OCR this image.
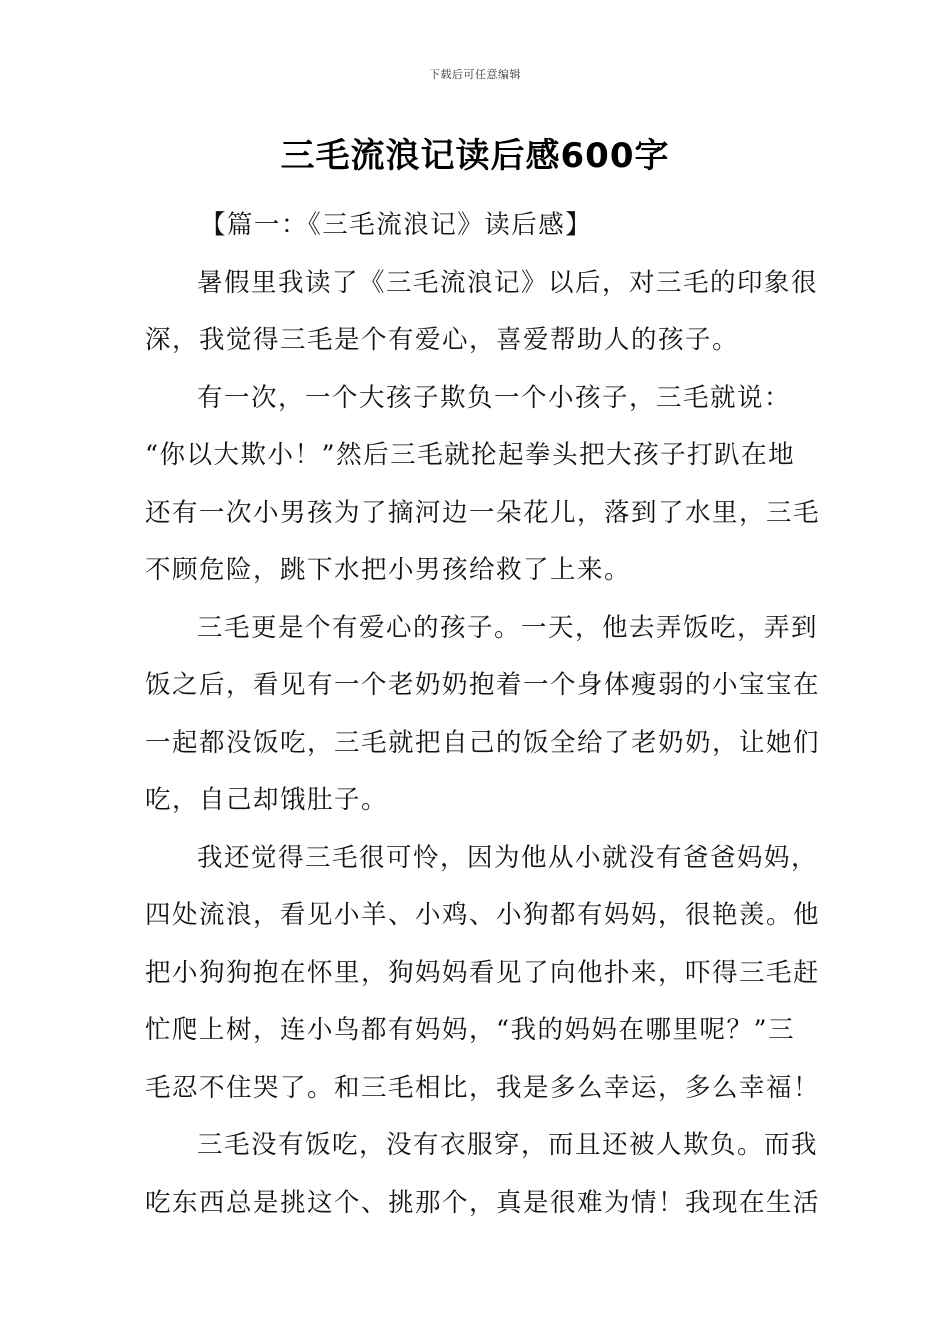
下载后可任意编辑
三毛流浪记读后感600字
【篇一：《三毛流浪记》读后感】
暑假里我读了《三毛流浪记》以后，对三毛的印象很
深，我觉得三毛是个有爱心，喜爱帮助人的孩子。
有一次，一个大孩子欺负一个小孩子，三毛就说：
“你以大欺小！”然后三毛就抡起拳头把大孩子打趴在地
还有一次小男孩为了摘河边一朵花儿，落到了水里，三毛
不顾危险，跳下水把小男孩给救了上来。
三毛更是个有爱心的孩子。一天，他去弄饭吃，弄到
饭之后，看见有一个老奶奶抱着一个身体瘦弱的小宝宝在
一起都没饭吃，三毛就把自己的饭全给了老奶奶，让她们
吃，自己却饿肚子。
我还觉得三毛很可怜，因为他从小就没有爸爸妈妈，
四处流浪，看见小羊、小鸡、小狗都有妈妈，很艳羡。他
把小狗狗抱在怀里，狗妈妈看见了向他扑来，吓得三毛赶
忙爬上树，连小鸟都有妈妈，“我的妈妈在哪里呢？”三
毛忍不住哭了。和三毛相比，我是多么幸运，多么幸福！
三毛没有饭吃，没有衣服穿，而且还被人欺负。而我
吃东西总是挑这个、挑那个，真是很难为情！我现在生活
